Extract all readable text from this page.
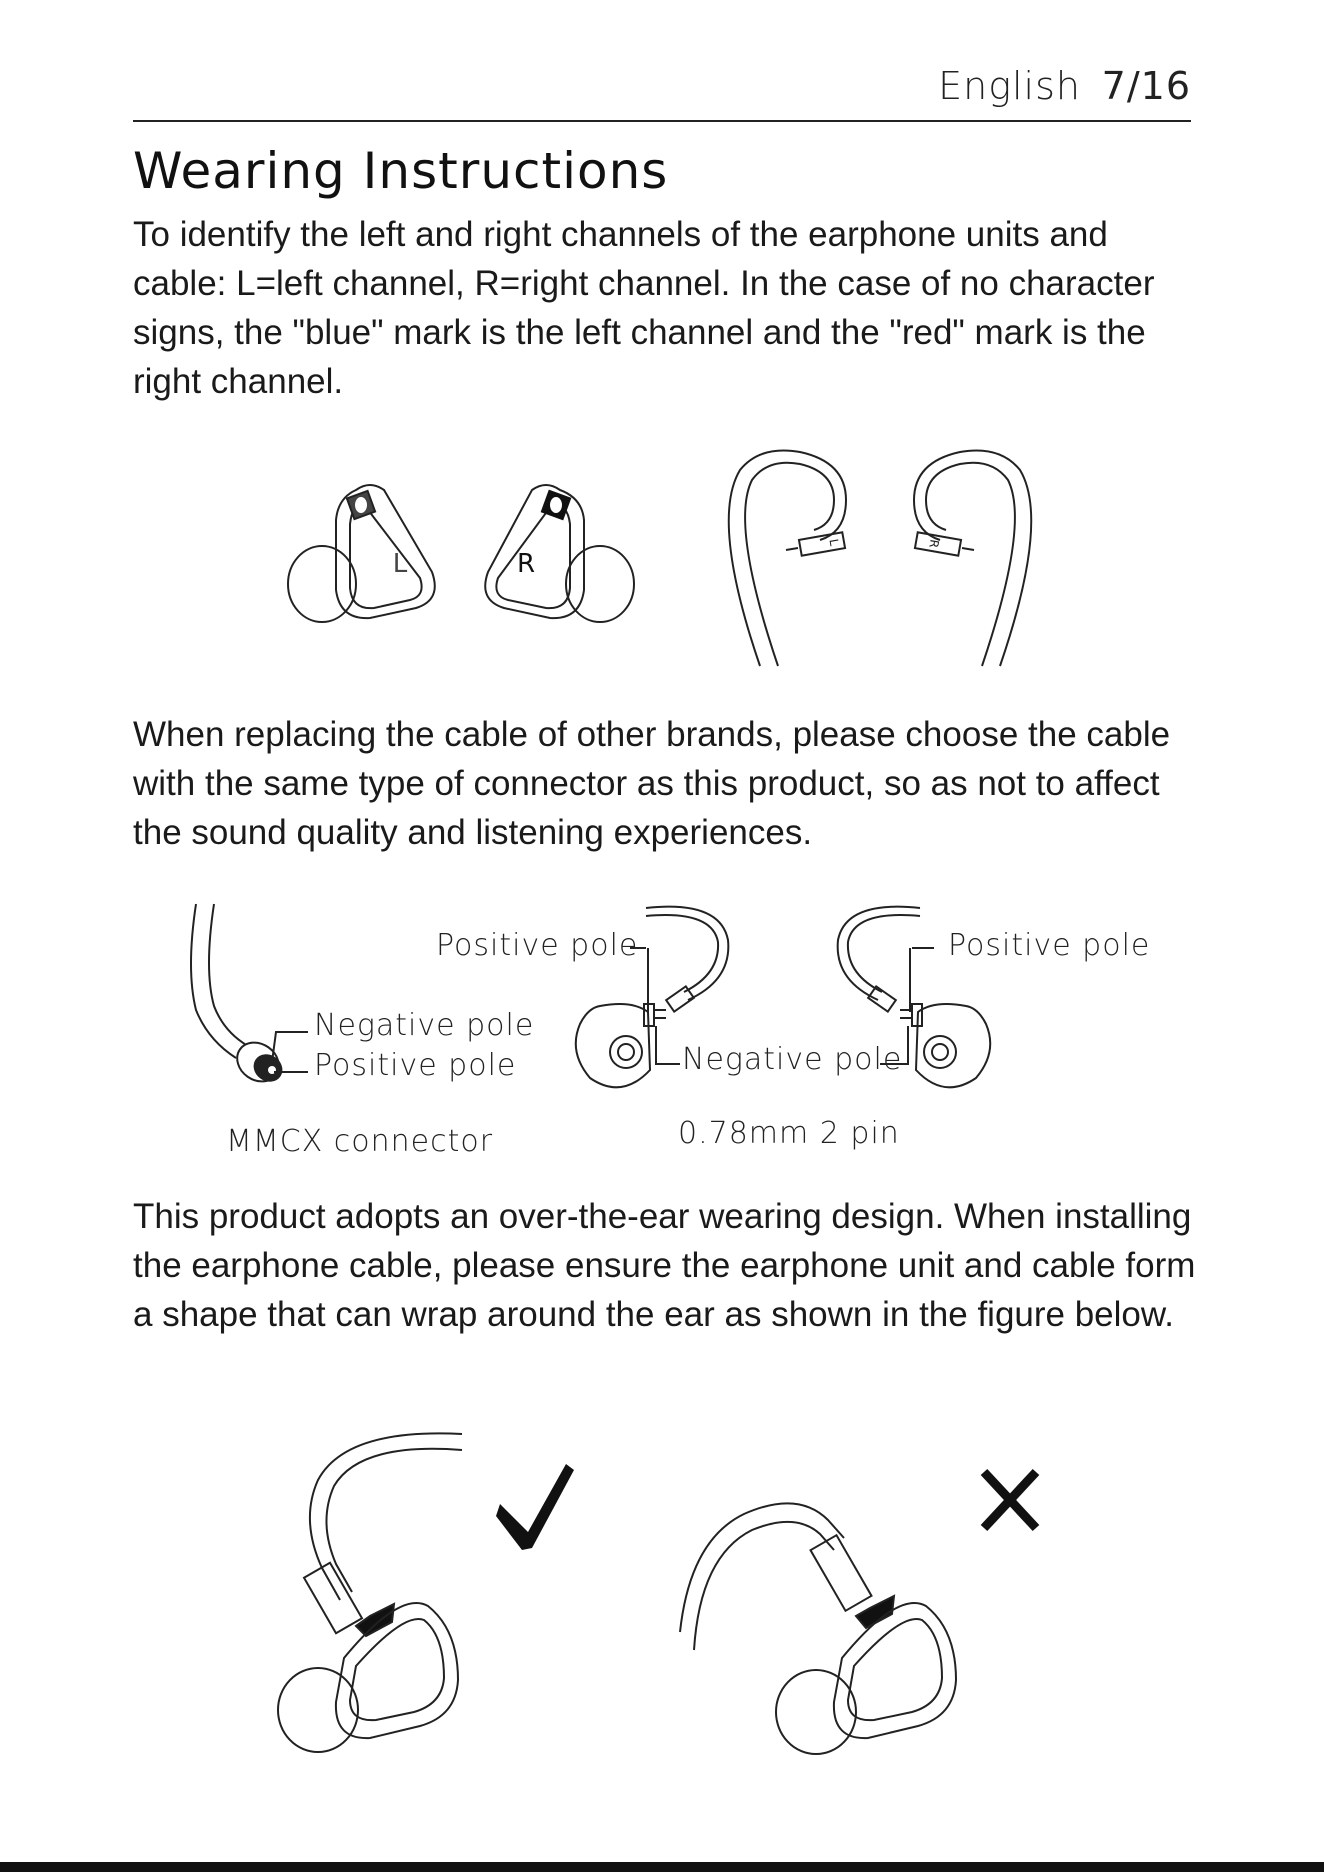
English 7/16
Wearing Instructions

To identify the left and right channels of the earphone units and cable: L=left channel, R=right channel. In the case of no character signs, the "blue" mark is the left channel and the "red" mark is the right channel.

L	R
L	R

When replacing the cable of other brands, please choose the cable with the same type of connector as this product, so as not to affect the sound quality and listening experiences.

Negative pole
Positive pole
MMCX connector
Positive pole	Positive pole
Negative pole
0.78mm 2 pin

This product adopts an over-the-ear wearing design. When installing the earphone cable, please ensure the earphone unit and cable form a shape that can wrap around the ear as shown in the figure below.
